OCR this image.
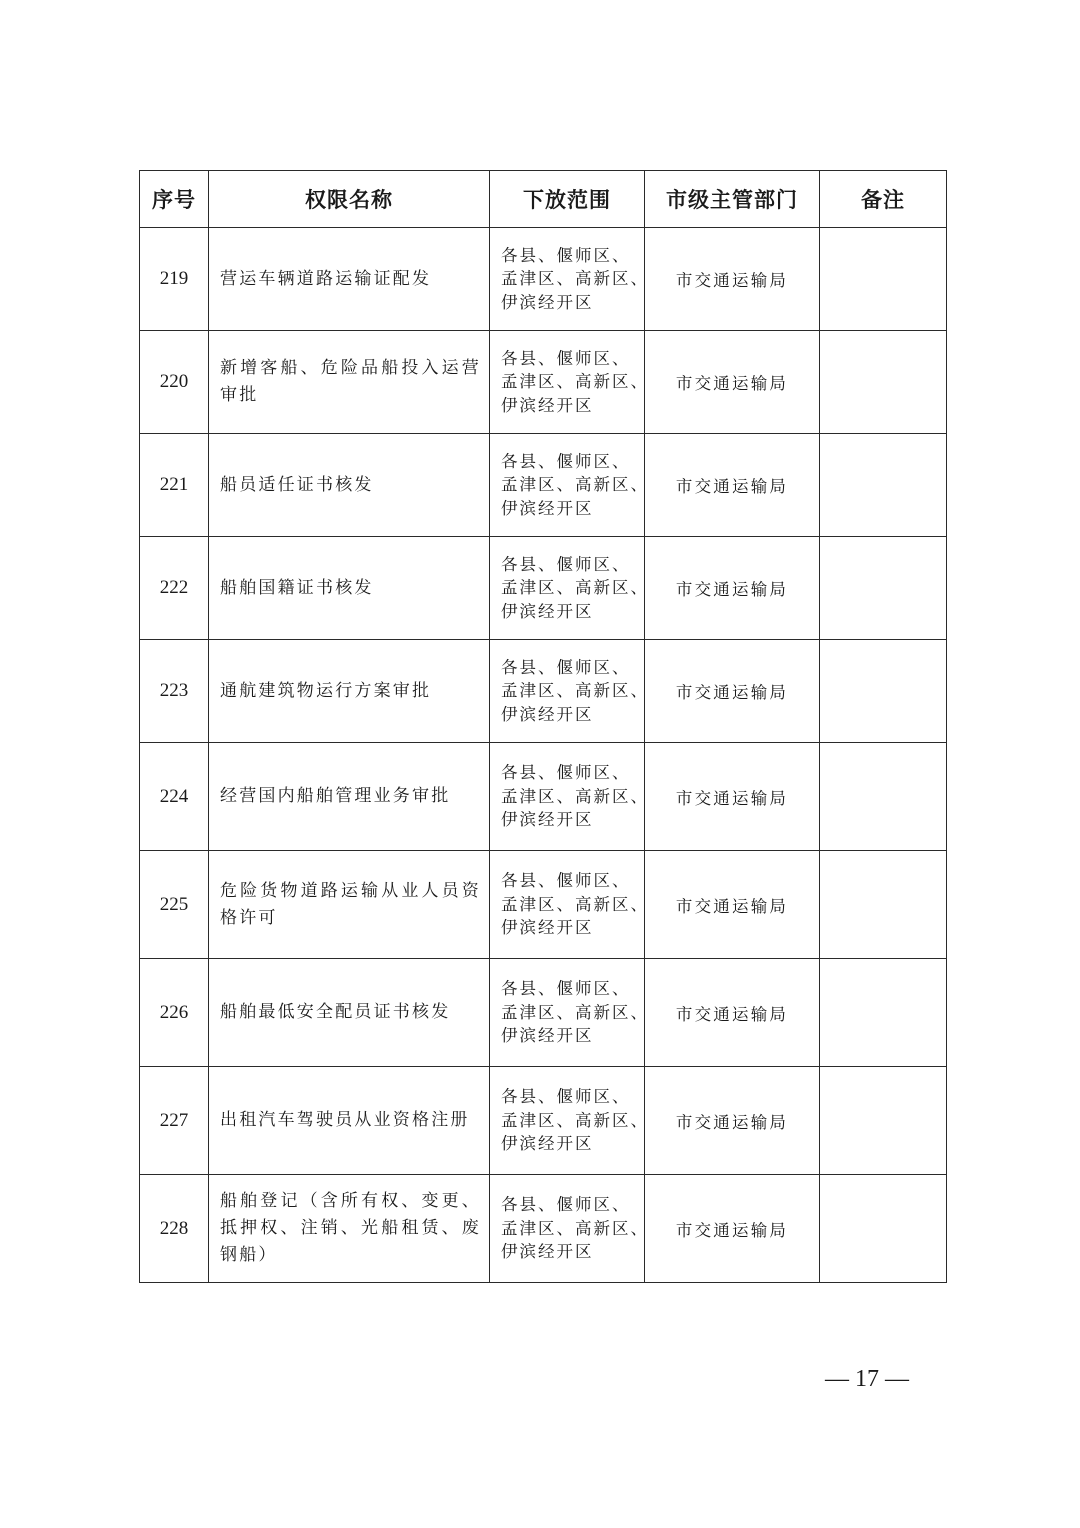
序号	权限名称	下放范围	市级主管部门	备注
219	营运车辆道路运输证配发	各县、偃师区、
孟津区、高新区、
伊滨经开区	市交通运输局	
220	新增客船、危险品船投入运营审批	各县、偃师区、
孟津区、高新区、
伊滨经开区	市交通运输局	
221	船员适任证书核发	各县、偃师区、
孟津区、高新区、
伊滨经开区	市交通运输局	
222	船舶国籍证书核发	各县、偃师区、
孟津区、高新区、
伊滨经开区	市交通运输局	
223	通航建筑物运行方案审批	各县、偃师区、
孟津区、高新区、
伊滨经开区	市交通运输局	
224	经营国内船舶管理业务审批	各县、偃师区、
孟津区、高新区、
伊滨经开区	市交通运输局	
225	危险货物道路运输从业人员资格许可	各县、偃师区、
孟津区、高新区、
伊滨经开区	市交通运输局	
226	船舶最低安全配员证书核发	各县、偃师区、
孟津区、高新区、
伊滨经开区	市交通运输局	
227	出租汽车驾驶员从业资格注册	各县、偃师区、
孟津区、高新区、
伊滨经开区	市交通运输局	
228	船舶登记（含所有权、变更、抵押权、注销、光船租赁、废钢船）	各县、偃师区、
孟津区、高新区、
伊滨经开区	市交通运输局	
— 17 —
